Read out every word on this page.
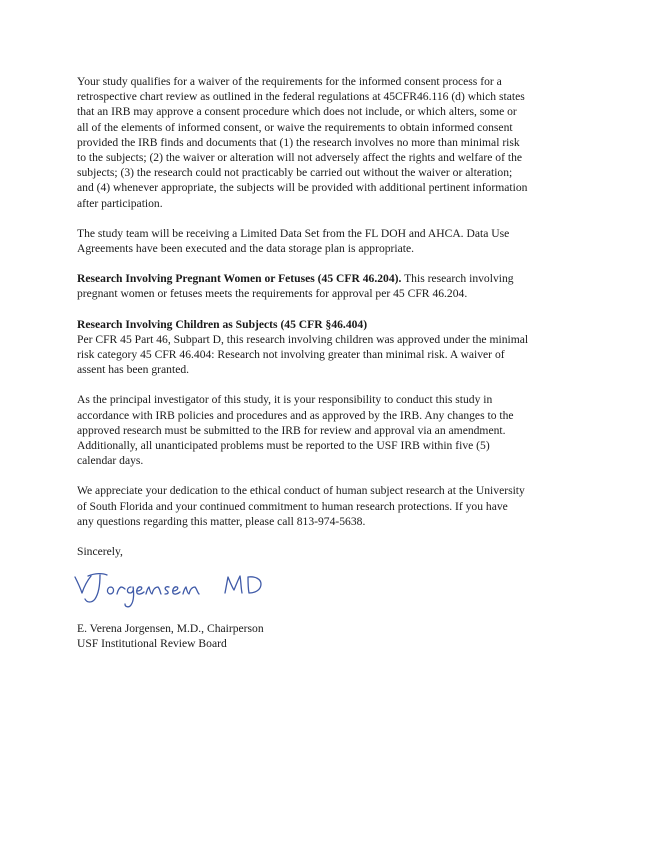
Your study qualifies for a waiver of the requirements for the informed consent process for a
retrospective chart review as outlined in the federal regulations at 45CFR46.116 (d) which states
that an IRB may approve a consent procedure which does not include, or which alters, some or
all of the elements of informed consent, or waive the requirements to obtain informed consent
provided the IRB finds and documents that (1) the research involves no more than minimal risk
to the subjects; (2) the waiver or alteration will not adversely affect the rights and welfare of the
subjects; (3) the research could not practicably be carried out without the waiver or alteration;
and (4) whenever appropriate, the subjects will be provided with additional pertinent information
after participation.

The study team will be receiving a Limited Data Set from the FL DOH and AHCA. Data Use
Agreements have been executed and the data storage plan is appropriate.

Research Involving Pregnant Women or Fetuses (45 CFR 46.204). This research involving
pregnant women or fetuses meets the requirements for approval per 45 CFR 46.204.

Research Involving Children as Subjects (45 CFR §46.404)
Per CFR 45 Part 46, Subpart D, this research involving children was approved under the minimal
risk category 45 CFR 46.404: Research not involving greater than minimal risk. A waiver of
assent has been granted.

As the principal investigator of this study, it is your responsibility to conduct this study in
accordance with IRB policies and procedures and as approved by the IRB. Any changes to the
approved research must be submitted to the IRB for review and approval via an amendment.
Additionally, all unanticipated problems must be reported to the USF IRB within five (5)
calendar days.

We appreciate your dedication to the ethical conduct of human subject research at the University
of South Florida and your continued commitment to human research protections. If you have
any questions regarding this matter, please call 813-974-5638.

Sincerely,

E. Verena Jorgensen, M.D., Chairperson
USF Institutional Review Board
